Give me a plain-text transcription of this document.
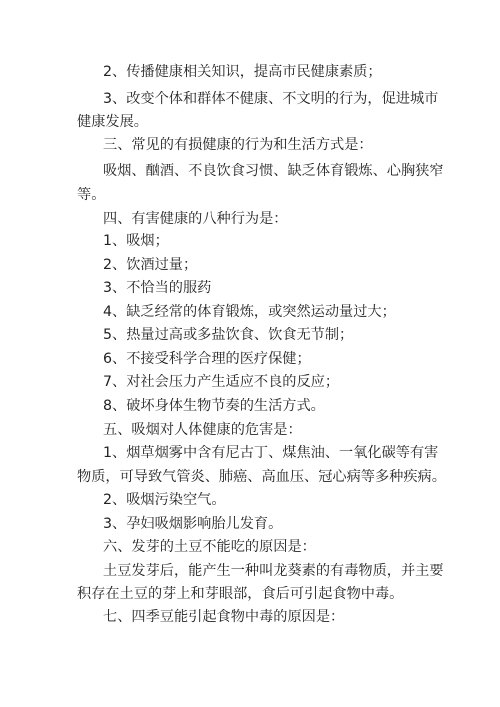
2、传播健康相关知识，提高市民健康素质；
3、改变个体和群体不健康、不文明的行为，促进城市
健康发展。
三、常见的有损健康的行为和生活方式是：
吸烟、酗酒、不良饮食习惯、缺乏体育锻炼、心胸狭窄
等。
四、有害健康的八种行为是：
1、吸烟；
2、饮酒过量；
3、不恰当的服药
4、缺乏经常的体育锻炼，或突然运动量过大；
5、热量过高或多盐饮食、饮食无节制；
6、不接受科学合理的医疗保健；
7、对社会压力产生适应不良的反应；
8、破坏身体生物节奏的生活方式。
五、吸烟对人体健康的危害是：
1、烟草烟雾中含有尼古丁、煤焦油、一氧化碳等有害
物质，可导致气管炎、肺癌、高血压、冠心病等多种疾病。
2、吸烟污染空气。
3、孕妇吸烟影响胎儿发育。
六、发芽的土豆不能吃的原因是：
土豆发芽后，能产生一种叫龙葵素的有毒物质，并主要
积存在土豆的芽上和芽眼部，食后可引起食物中毒。
七、四季豆能引起食物中毒的原因是：
